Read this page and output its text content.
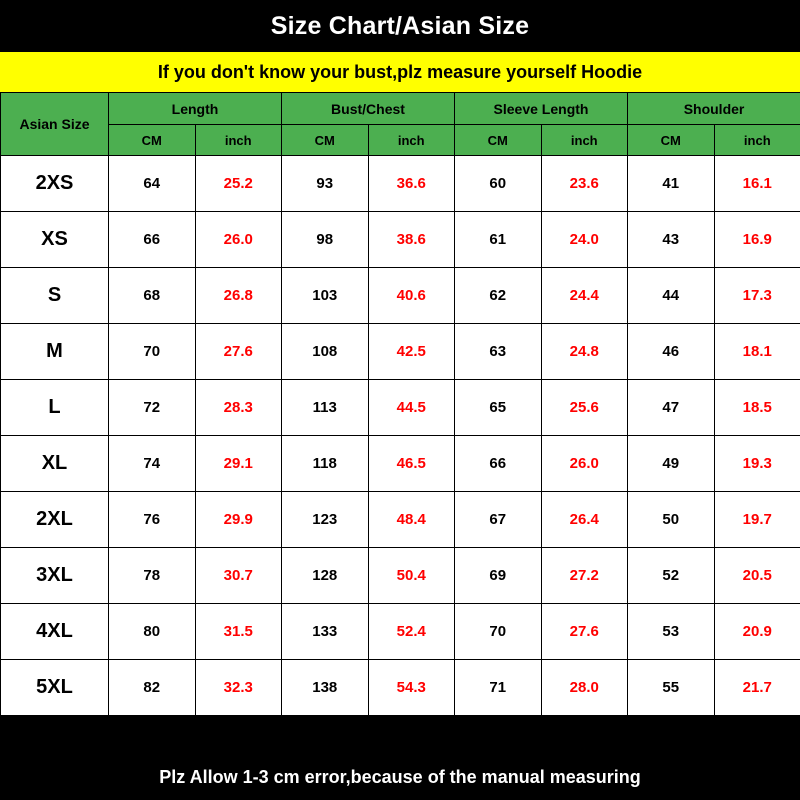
Size Chart/Asian Size
If you don't know your bust,plz measure yourself Hoodie
Asian Size	Length		Bust/Chest		Sleeve Length		Shoulder	
	CM	inch	CM	inch	CM	inch	CM	inch
2XS	64	25.2	93	36.6	60	23.6	41	16.1
XS	66	26.0	98	38.6	61	24.0	43	16.9
S	68	26.8	103	40.6	62	24.4	44	17.3
M	70	27.6	108	42.5	63	24.8	46	18.1
L	72	28.3	113	44.5	65	25.6	47	18.5
XL	74	29.1	118	46.5	66	26.0	49	19.3
2XL	76	29.9	123	48.4	67	26.4	50	19.7
3XL	78	30.7	128	50.4	69	27.2	52	20.5
4XL	80	31.5	133	52.4	70	27.6	53	20.9
5XL	82	32.3	138	54.3	71	28.0	55	21.7
Plz Allow 1-3 cm error,because of the manual measuring
